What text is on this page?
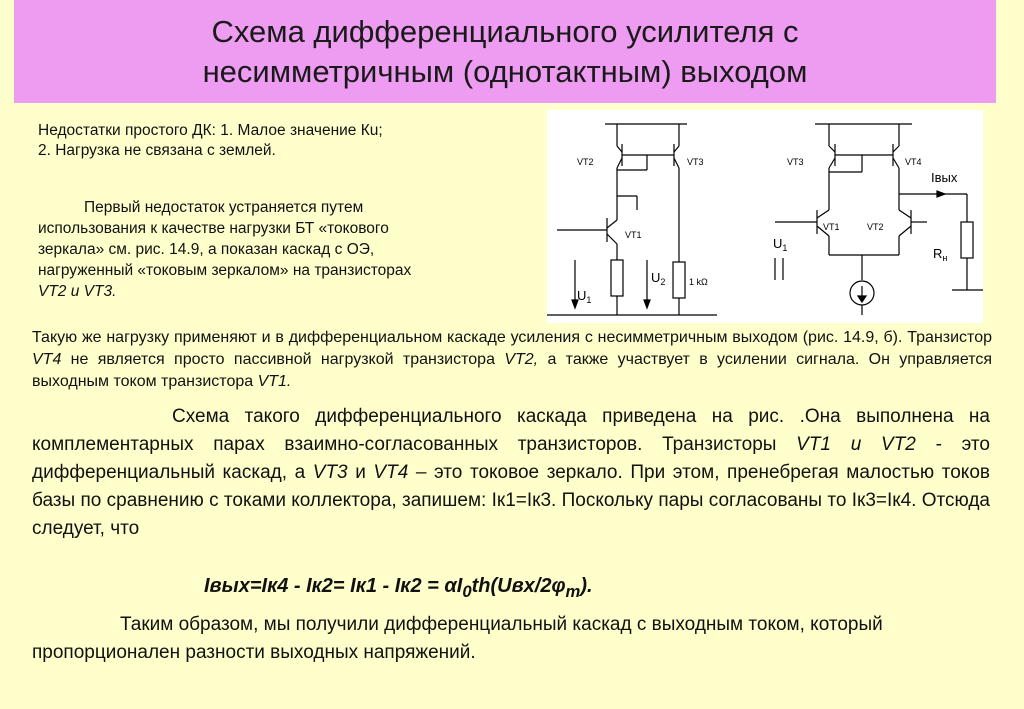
Схема дифференциального усилителя с
несимметричным (однотактным) выходом

Недостатки простого ДК: 1. Малое значение Кu;

2. Нагрузка не связана с землей.

Первый недостаток устраняется путем
использования к качестве нагрузки БТ «токового
зеркала» см. рис. 14.9, а показан каскад с ОЭ,
нагруженный «токовым зеркалом» на транзисторах
VT2 и VT3.
VT2	VT3
VT1
$U_1$
$U_2$	1 kΩ
VT3	VT4
VT1	VT2
$U_1$
Iвых
$R_н$
Такую же нагрузку применяют и в дифференциальном каскаде усиления с несимметричным выходом (рис. 14.9, б). Транзистор VT4 не является просто пассивной нагрузкой транзистора VT2, а также участвует в усилении сигнала. Он управляется выходным током транзистора VT1.
Схема такого дифференциального каскада приведена на рис. .Она выполнена на комплементарных парах взаимно-согласованных транзисторов. Транзисторы VT1 и VT2 - это дифференциальный каскад, а VT3 и VT4 – это токовое зеркало. При этом, пренебрегая малостью токов базы по сравнению с токами коллектора, запишем: Iк1=Iк3. Поскольку пары согласованы то Iк3=Iк4. Отсюда следует, что
Iвых=Iк4 - $Iк2= Iк1 - Iк2 = \alpha I_0th(Uвх/2\varphi_т)$.
Таким образом, мы получили дифференциальный каскад с выходным током, который пропорционален разности выходных напряжений.
